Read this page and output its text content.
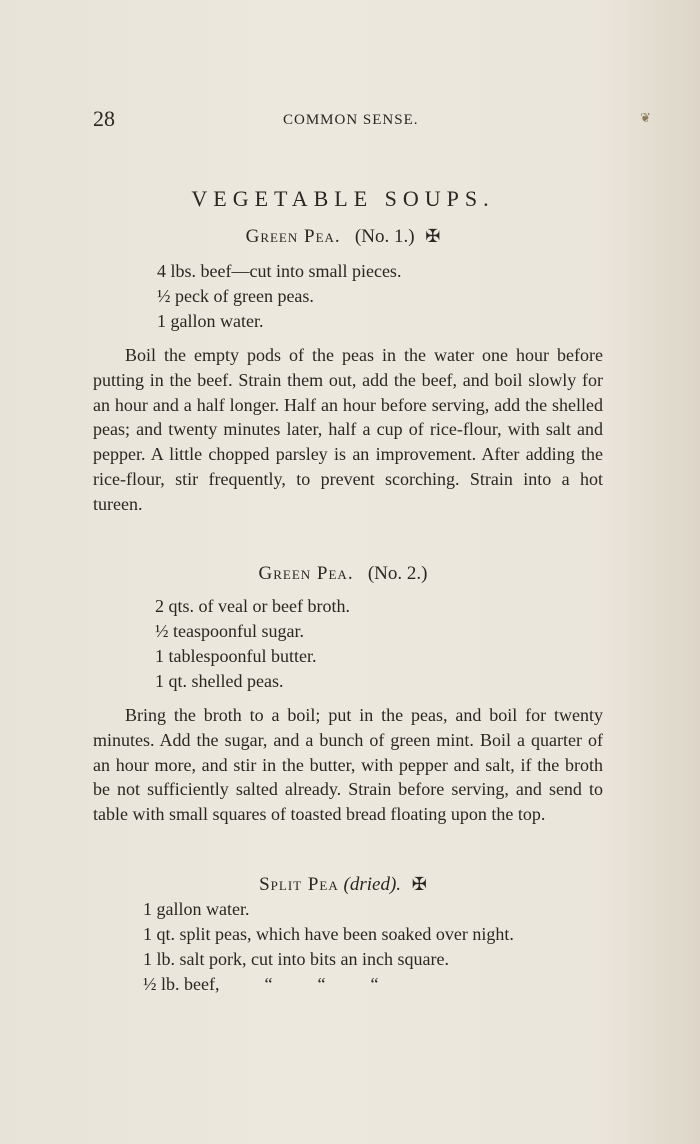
28	COMMON SENSE.	❦
VEGETABLE SOUPS.
Green Pea. (No. 1.) ✠
4 lbs. beef—cut into small pieces.
½ peck of green peas.
1 gallon water.

Boil the empty pods of the peas in the water one hour before putting in the beef. Strain them out, add the beef, and boil slowly for an hour and a half longer. Half an hour before serving, add the shelled peas; and twenty minutes later, half a cup of rice-flour, with salt and pepper. A little chopped parsley is an improvement. After adding the rice-flour, stir frequently, to prevent scorching. Strain into a hot tureen.

Green Pea. (No. 2.)
2 qts. of veal or beef broth.
½ teaspoonful sugar.
1 tablespoonful butter.
1 qt. shelled peas.

Bring the broth to a boil; put in the peas, and boil for twenty minutes. Add the sugar, and a bunch of green mint. Boil a quarter of an hour more, and stir in the butter, with pepper and salt, if the broth be not sufficiently salted already. Strain before serving, and send to table with small squares of toasted bread floating upon the top.

Split Pea (dried). ✠
1 gallon water.
1 qt. split peas, which have been soaked over night.
1 lb. salt pork, cut into bits an inch square.
½ lb. beef,          “          “          “
